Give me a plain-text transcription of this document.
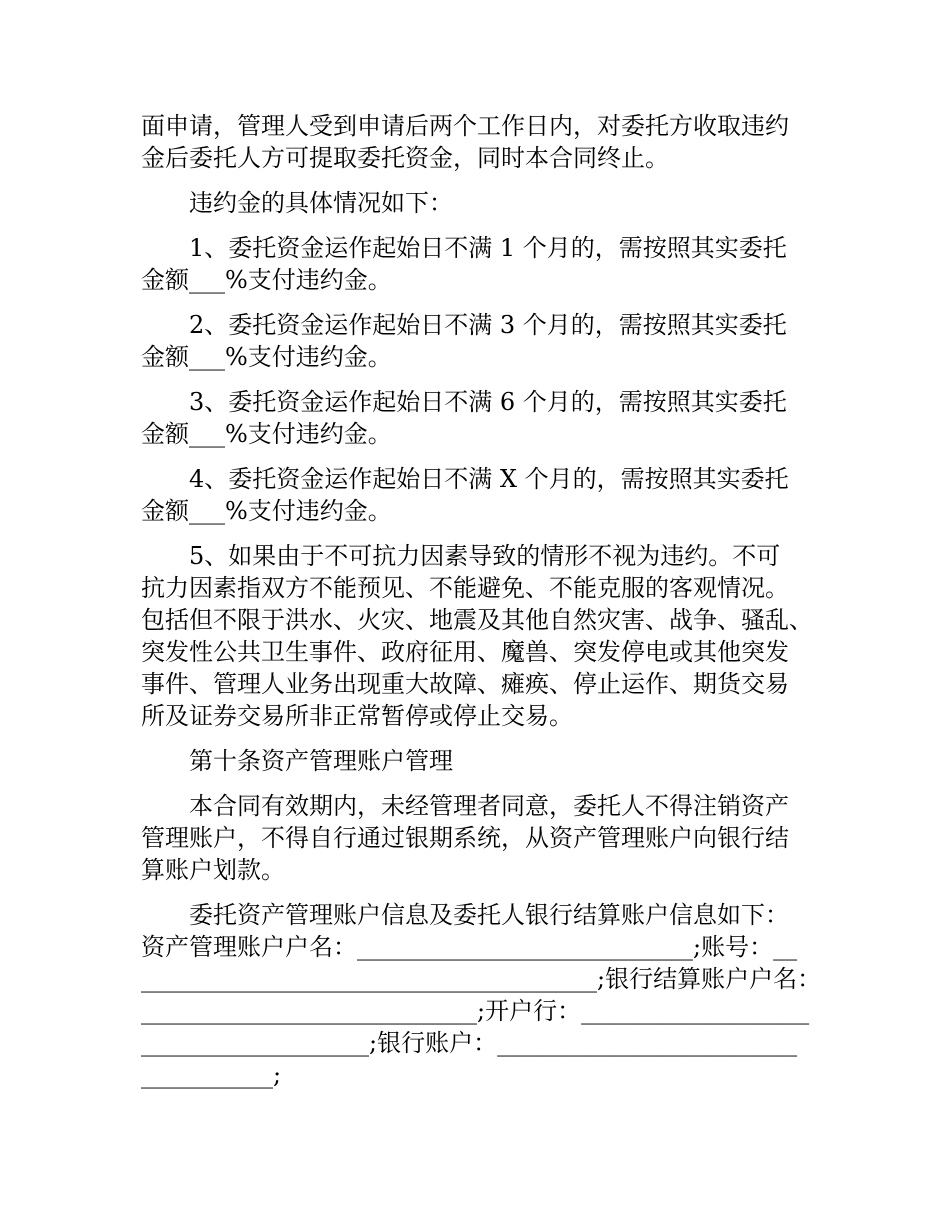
面申请，管理人受到申请后两个工作日内，对委托方收取违约
金后委托人方可提取委托资金，同时本合同终止。

违约金的具体情况如下：

1、委托资金运作起始日不满 1 个月的，需按照其实委托
金额___%支付违约金。

2、委托资金运作起始日不满 3 个月的，需按照其实委托
金额___%支付违约金。

3、委托资金运作起始日不满 6 个月的，需按照其实委托
金额___%支付违约金。

4、委托资金运作起始日不满 X 个月的，需按照其实委托
金额___%支付违约金。

5、如果由于不可抗力因素导致的情形不视为违约。不可
抗力因素指双方不能预见、不能避免、不能克服的客观情况。
包括但不限于洪水、火灾、地震及其他自然灾害、战争、骚乱、
突发性公共卫生事件、政府征用、魔兽、突发停电或其他突发
事件、管理人业务出现重大故障、瘫痪、停止运作、期货交易
所及证券交易所非正常暂停或停止交易。

第十条资产管理账户管理

本合同有效期内，未经管理者同意，委托人不得注销资产
管理账户，不得自行通过银期系统，从资产管理账户向银行结
算账户划款。

委托资产管理账户信息及委托人银行结算账户信息如下：
资产管理账户户名：____________________________;账号：__
______________________________________;银行结算账户户名：
____________________________;开户行：___________________
___________________;银行账户：_________________________
___________;
